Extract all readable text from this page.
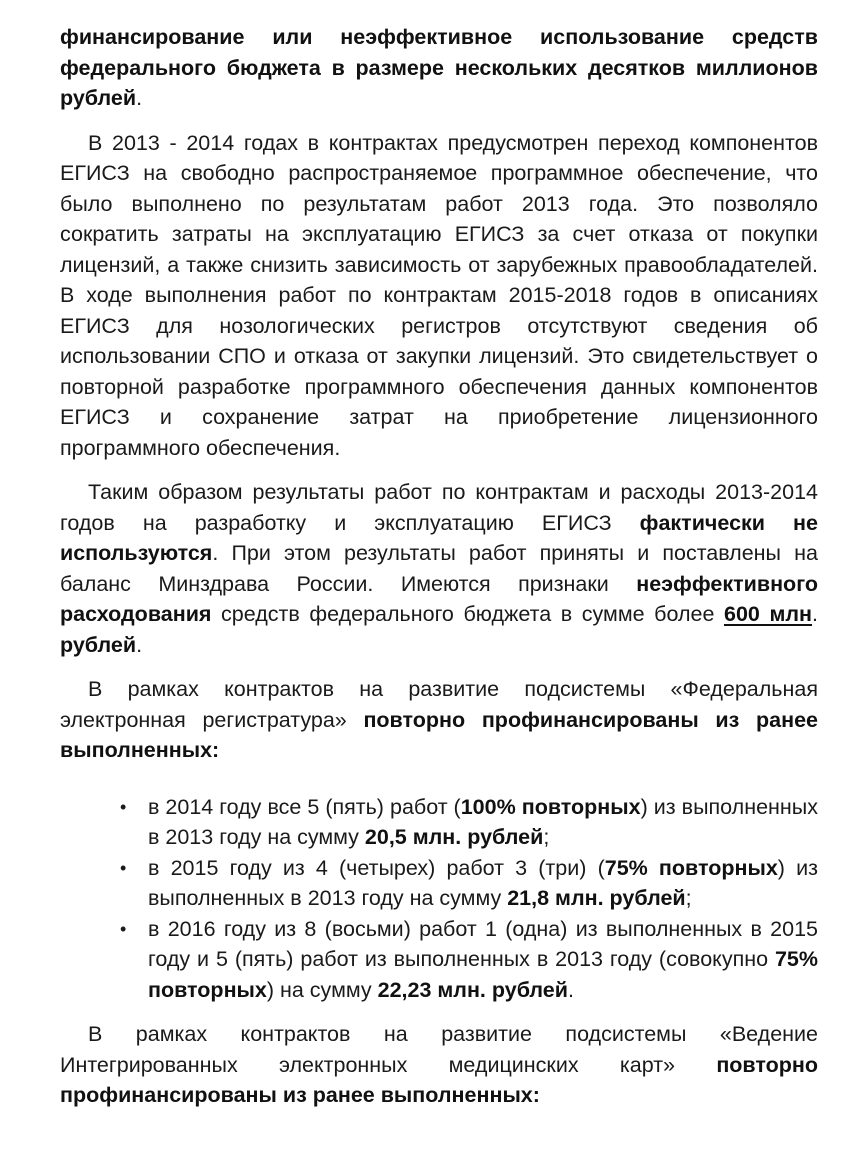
финансирование или неэффективное использование средств федерального бюджета в размере нескольких десятков миллионов рублей.

В 2013 - 2014 годах в контрактах предусмотрен переход компонентов ЕГИСЗ на свободно распространяемое программное обеспечение, что было выполнено по результатам работ 2013 года. Это позволяло сократить затраты на эксплуатацию ЕГИСЗ за счет отказа от покупки лицензий, а также снизить зависимость от зарубежных правообладателей. В ходе выполнения работ по контрактам 2015-2018 годов в описаниях ЕГИСЗ для нозологических регистров отсутствуют сведения об использовании СПО и отказа от закупки лицензий. Это свидетельствует о повторной разработке программного обеспечения данных компонентов ЕГИСЗ и сохранение затрат на приобретение лицензионного программного обеспечения.

Таким образом результаты работ по контрактам и расходы 2013-2014 годов на разработку и эксплуатацию ЕГИСЗ фактически не используются. При этом результаты работ приняты и поставлены на баланс Минздрава России. Имеются признаки неэффективного расходования средств федерального бюджета в сумме более 600 млн. рублей.

В рамках контрактов на развитие подсистемы «Федеральная электронная регистратура» повторно профинансированы из ранее выполненных:

• в 2014 году все 5 (пять) работ (100% повторных) из выполненных в 2013 году на сумму 20,5 млн. рублей;
• в 2015 году из 4 (четырех) работ 3 (три) (75% повторных) из выполненных в 2013 году на сумму 21,8 млн. рублей;
• в 2016 году из 8 (восьми) работ 1 (одна) из выполненных в 2015 году и 5 (пять) работ из выполненных в 2013 году (совокупно 75% повторных) на сумму 22,23 млн. рублей.

В рамках контрактов на развитие подсистемы «Ведение Интегрированных электронных медицинских карт» повторно профинансированы из ранее выполненных:
